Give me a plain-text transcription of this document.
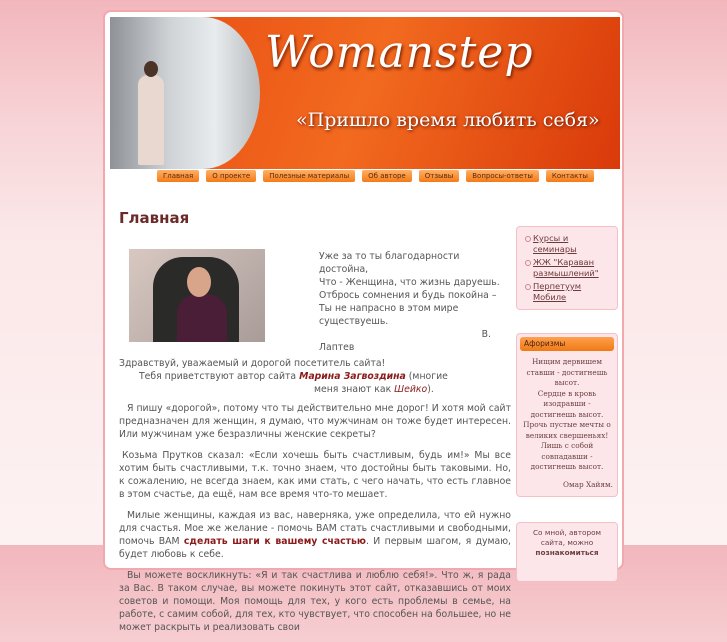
Womanstep
«Пришло время любить себя»
Главная	О проекте	Полезные материалы	Об авторе	Отзывы	Вопросы-ответы	Контакты
Главная

Уже за то ты благодарности достойна,

Что - Женщина, что жизнь даруешь.

Отбрось сомнения и будь покойна –

Ты не напрасно в этом мире

существуешь.

В.

Лаптев

Здравствуй, уважаемый и дорогой посетитель сайта!

Тебя приветствуют автор сайта Марина Загвоздина (многие

меня знают как Шейко).

Я пишу «дорогой», потому что ты действительно мне дорог! И хотя мой сайт предназначен для женщин, я думаю, что мужчинам он тоже будет интересен. Или мужчинам уже безразличны женские секреты?

Козьма Прутков сказал: «Если хочешь быть счастливым, будь им!» Мы все хотим быть счастливыми, т.к. точно знаем, что достойны быть таковыми. Но, к сожалению, не всегда знаем, как ими стать, с чего начать, что есть главное в этом счастье, да ещё, нам все время что-то мешает.

Милые женщины, каждая из вас, наверняка, уже определила, что ей нужно для счастья. Мое же желание - помочь ВАМ стать счастливыми и свободными, помочь ВАМ сделать шаги к вашему счастью. И первым шагом, я думаю, будет любовь к себе.

Вы можете воскликнуть: «Я и так счастлива и люблю себя!». Что ж, я рада за Вас. В таком случае, вы можете покинуть этот сайт, отказавшись от моих советов и помощи. Моя помощь для тех, у кого есть проблемы в семье, на работе, с самим собой, для тех, кто чувствует, что способен на большее, но не может раскрыть и реализовать свои

Курсы и семинары
ЖЖ "Караван размышлений"
Перпетуум Мобиле
Афоризмы

Нищим дервишем ставши - достигнешь высот.

Сердце в кровь изодравши - достигнешь высот.

Прочь пустые мечты о великих свершеньях!

Лишь с собой совпадавши - достигнешь высот.

Омар Хайям.

Со мной, автором сайта, можно познакомиться
